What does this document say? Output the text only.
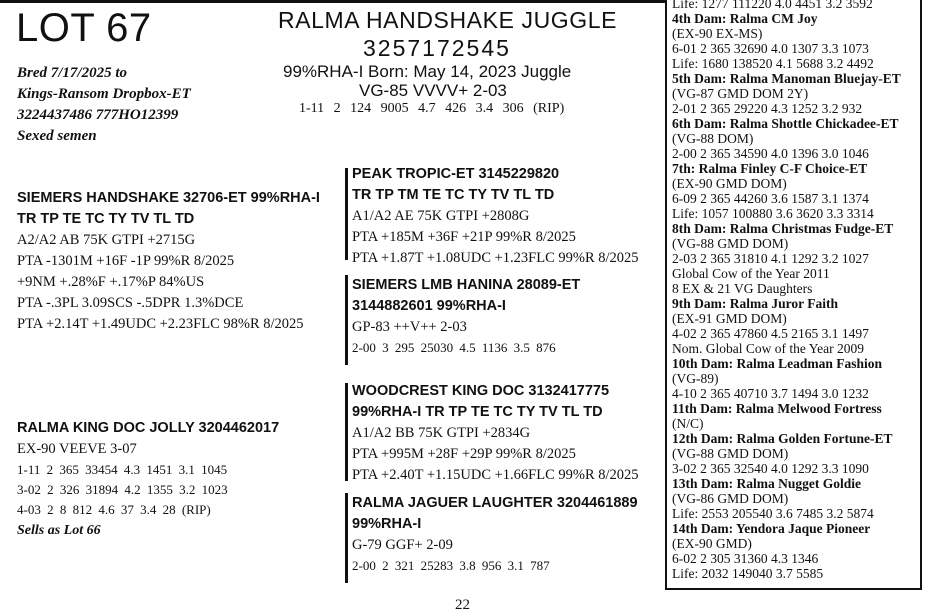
LOT 67	RALMA HANDSHAKE JUGGLE
3257172545
99%RHA-I Born: May 14, 2023 Juggle
VG-85 VVVV+ 2-03
1-11 2 124 9005 4.7 426 3.4 306 (RIP)
Bred 7/17/2025 to
Kings-Ransom Dropbox-ET
3224437486 777HO12399
Sexed semen
SIEMERS HANDSHAKE 32706-ET 99%RHA-I
TR TP TE TC TY TV TL TD
A2/A2 AB 75K GTPI +2715G
PTA -1301M +16F -1P 99%R 8/2025
+9NM +.28%F +.17%P 84%US
PTA -.3PL 3.09SCS -.5DPR 1.3%DCE
PTA +2.14T +1.49UDC +2.23FLC 98%R 8/2025
RALMA KING DOC JOLLY 3204462017
EX-90 VEEVE 3-07
1-11 2 365 33454 4.3 1451 3.1 1045
3-02 2 326 31894 4.2 1355 3.2 1023
4-03 2 8 812 4.6 37 3.4 28 (RIP)
Sells as Lot 66
PEAK TROPIC-ET 3145229820
TR TP TM TE TC TY TV TL TD
A1/A2 AE 75K GTPI +2808G
PTA +185M +36F +21P 99%R 8/2025
PTA +1.87T +1.08UDC +1.23FLC 99%R 8/2025
SIEMERS LMB HANINA 28089-ET
3144882601 99%RHA-I
GP-83 ++V++ 2-03
2-00 3 295 25030 4.5 1136 3.5 876
WOODCREST KING DOC 3132417775
99%RHA-I TR TP TE TC TY TV TL TD
A1/A2 BB 75K GTPI +2834G
PTA +995M +28F +29P 99%R 8/2025
PTA +2.40T +1.15UDC +1.66FLC 99%R 8/2025
RALMA JAGUER LAUGHTER 3204461889
99%RHA-I
G-79 GGF+ 2-09
2-00 2 321 25283 3.8 956 3.1 787
Life: 1277 111220 4.0 4451 3.2 3592
4th Dam: Ralma CM Joy
(EX-90 EX-MS)
6-01 2 365 32690 4.0 1307 3.3 1073
Life: 1680 138520 4.1 5688 3.2 4492
5th Dam: Ralma Manoman Bluejay-ET
(VG-87 GMD DOM 2Y)
2-01 2 365 29220 4.3 1252 3.2 932
6th Dam: Ralma Shottle Chickadee-ET
(VG-88 DOM)
2-00 2 365 34590 4.0 1396 3.0 1046
7th: Ralma Finley C-F Choice-ET
(EX-90 GMD DOM)
6-09 2 365 44260 3.6 1587 3.1 1374
Life: 1057 100880 3.6 3620 3.3 3314
8th Dam: Ralma Christmas Fudge-ET
(VG-88 GMD DOM)
2-03 2 365 31810 4.1 1292 3.2 1027
Global Cow of the Year 2011
8 EX & 21 VG Daughters
9th Dam: Ralma Juror Faith
(EX-91 GMD DOM)
4-02 2 365 47860 4.5 2165 3.1 1497
Nom. Global Cow of the Year 2009
10th Dam: Ralma Leadman Fashion
(VG-89)
4-10 2 365 40710 3.7 1494 3.0 1232
11th Dam: Ralma Melwood Fortress
(N/C)
12th Dam: Ralma Golden Fortune-ET
(VG-88 GMD DOM)
3-02 2 365 32540 4.0 1292 3.3 1090
13th Dam: Ralma Nugget Goldie
(VG-86 GMD DOM)
Life: 2553 205540 3.6 7485 3.2 5874
14th Dam: Yendora Jaque Pioneer
(EX-90 GMD)
6-02 2 305 31360 4.3 1346
Life: 2032 149040 3.7 5585
22
